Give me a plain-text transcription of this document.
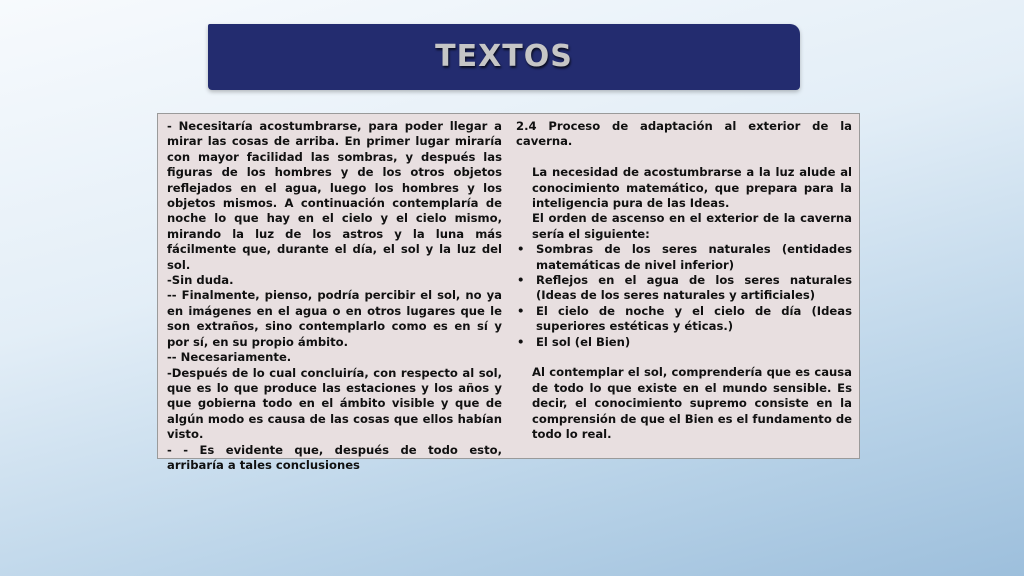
TEXTOS

- Necesitaría acostumbrarse, para poder llegar a mirar las cosas de arriba. En primer lugar miraría con mayor facilidad las sombras, y después las figuras de los hombres y de los otros objetos reflejados en el agua, luego los hombres y los objetos mismos. A continuación contemplaría de noche lo que hay en el cielo y el cielo mismo, mirando la luz de los astros y la luna más fácilmente que, durante el día, el sol y la luz del sol.

-Sin duda.

-- Finalmente, pienso, podría percibir el sol, no ya en imágenes en el agua o en otros lugares que le son extraños, sino contemplarlo como es en sí y por sí, en su propio ámbito.

-- Necesariamente.

-Después de lo cual concluiría, con respecto al sol, que es lo que produce las estaciones y los años y que gobierna todo en el ámbito visible y que de algún modo es causa de las cosas que ellos habían visto.

- - Es evidente que, después de todo esto, arribaría a tales conclusiones

2.4 Proceso de adaptación al exterior de la caverna.

La necesidad de acostumbrarse a la luz alude al conocimiento matemático, que prepara para la inteligencia pura de las Ideas.

El orden de ascenso en el exterior de la caverna sería el siguiente:

• Sombras de los seres naturales (entidades matemáticas de nivel inferior)
• Reflejos en el agua de los seres naturales (Ideas de los seres naturales y artificiales)
• El cielo de noche y el cielo de día (Ideas superiores estéticas y éticas.)
• El sol (el Bien)

Al contemplar el sol, comprendería que es causa de todo lo que existe en el mundo sensible. Es decir, el conocimiento supremo consiste en la comprensión de que el Bien es el fundamento de todo lo real.
